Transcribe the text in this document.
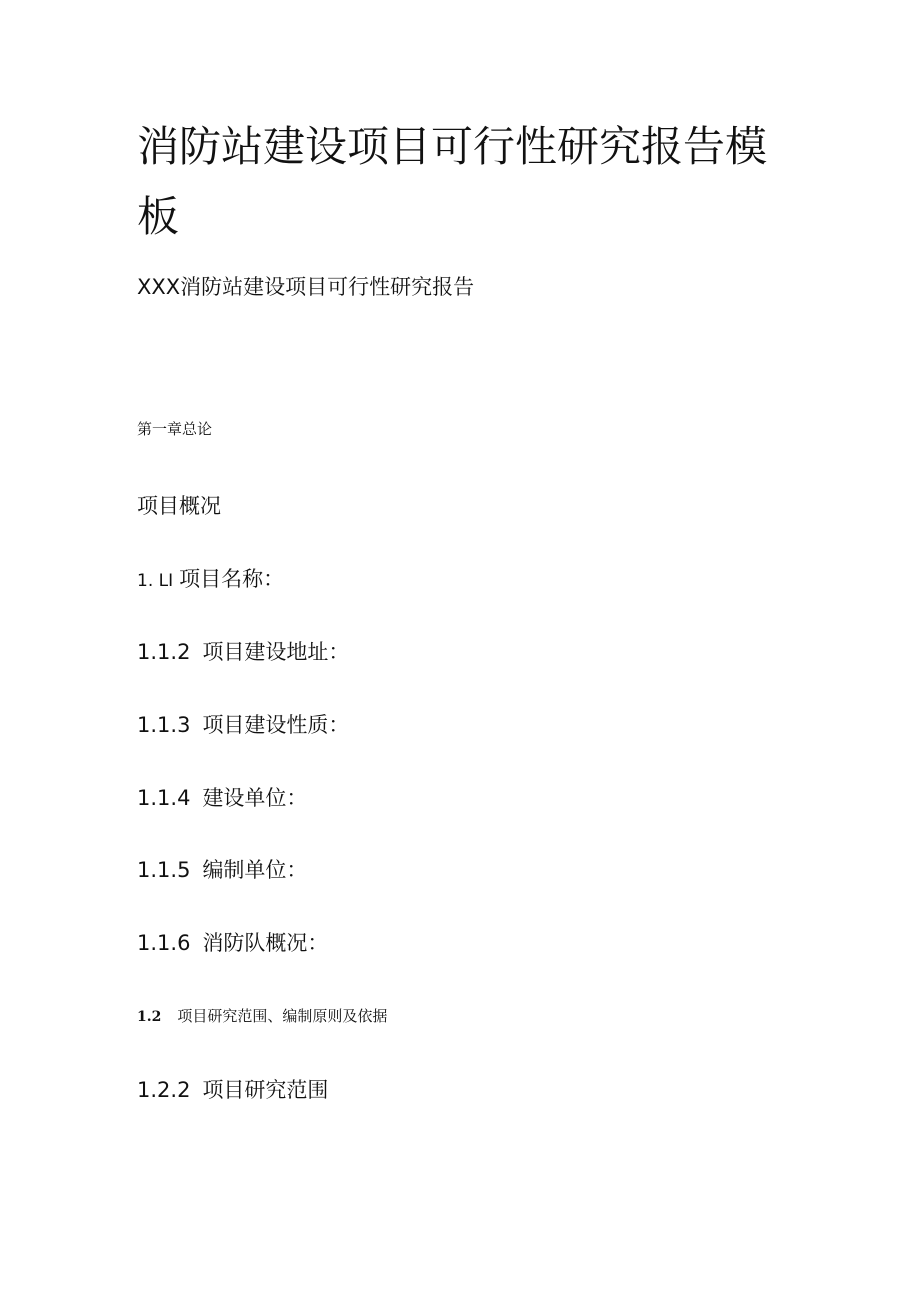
消防站建设项目可行性研究报告模板
XXX消防站建设项目可行性研究报告
第一章总论
项目概况
1. LI 项目名称：
1.1.2 项目建设地址：
1.1.3 项目建设性质：
1.1.4 建设单位：
1.1.5 编制单位：
1.1.6 消防队概况：
1.2 项目研究范围、编制原则及依据
1.2.2 项目研究范围
